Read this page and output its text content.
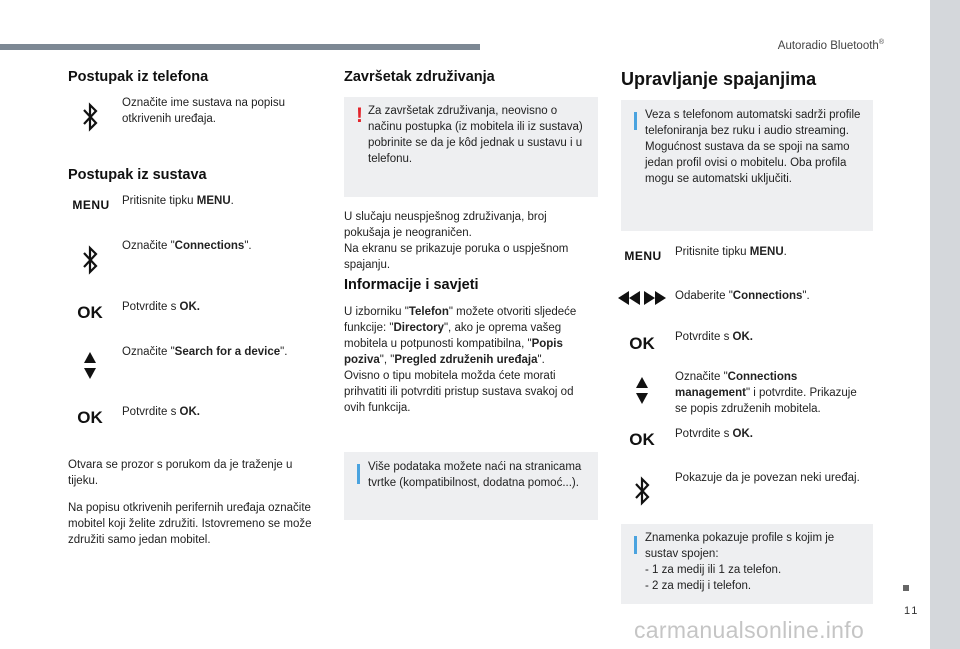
Autoradio Bluetooth®
11
Postupak iz telefona
Označite ime sustava na popisu otkrivenih uređaja.
Postupak iz sustava
MENU	Pritisnite tipku MENU.
Označite "Connections".
OK	Potvrdite s OK.
Označite "Search for a device".
OK	Potvrdite s OK.
Otvara se prozor s porukom da je traženje u tijeku.
Na popisu otkrivenih perifernih uređaja označite mobitel koji želite združiti. Istovremeno se može združiti samo jedan mobitel.
Završetak združivanja
! Za završetak združivanja, neovisno o načinu postupka (iz mobitela ili iz sustava) pobrinite se da je kôd jednak u sustavu i u telefonu.
U slučaju neuspješnog združivanja, broj pokušaja je neograničen.
Na ekranu se prikazuje poruka o uspješnom spajanju.
Informacije i savjeti
U izborniku "Telefon" možete otvoriti sljedeće funkcije: "Directory", ako je oprema vašeg mobitela u potpunosti kompatibilna, "Popis poziva", "Pregled združenih uređaja".
Ovisno o tipu mobitela možda ćete morati prihvatiti ili potvrditi pristup sustava svakoj od ovih funkcija.
Više podataka možete naći na stranicama tvrtke (kompatibilnost, dodatna pomoć...).
Upravljanje spajanjima
Veza s telefonom automatski sadrži profile telefoniranja bez ruku i audio streaming. Mogućnost sustava da se spoji na samo jedan profil ovisi o mobitelu. Oba profila mogu se automatski uključiti.
MENU	Pritisnite tipku MENU.
Odaberite "Connections".
OK	Potvrdite s OK.
Označite "Connections management" i potvrdite. Prikazuje se popis združenih mobitela.
OK	Potvrdite s OK.
Pokazuje da je povezan neki uređaj.
Znamenka pokazuje profile s kojim je sustav spojen:
- 1 za medij ili 1 za telefon.
- 2 za medij i telefon.
carmanualsonline.info
